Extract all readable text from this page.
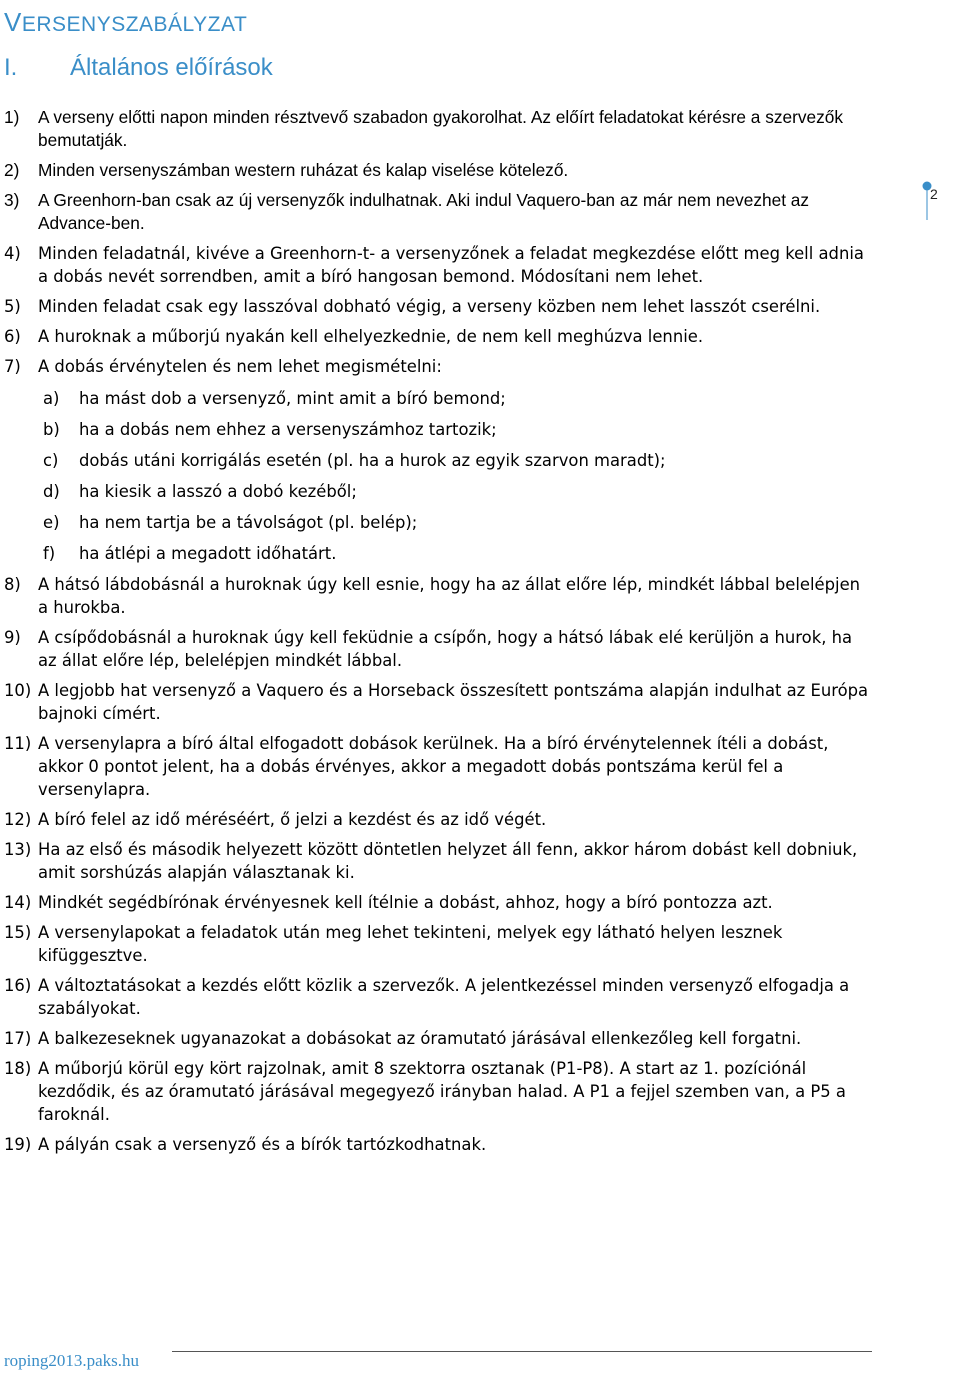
VERSENYSZABÁLYZAT
I. Általános előírások
2
1) A verseny előtti napon minden résztvevő szabadon gyakorolhat. Az előírt feladatokat kérésre a szervezők bemutatják.
2) Minden versenyszámban western ruházat és kalap viselése kötelező.
3) A Greenhorn-ban csak az új versenyzők indulhatnak. Aki indul Vaquero-ban az már nem nevezhet az Advance-ben.
4) Minden feladatnál, kivéve a Greenhorn-t- a versenyzőnek a feladat megkezdése előtt meg kell adnia a dobás nevét sorrendben, amit a bíró hangosan bemond. Módosítani nem lehet.
5) Minden feladat csak egy lasszóval dobható végig, a verseny közben nem lehet lasszót cserélni.
6) A huroknak a műborjú nyakán kell elhelyezkednie, de nem kell meghúzva lennie.
7) A dobás érvénytelen és nem lehet megismételni:
a) ha mást dob a versenyző, mint amit a bíró bemond;
b) ha a dobás nem ehhez a versenyszámhoz tartozik;
c) dobás utáni korrigálás esetén (pl. ha a hurok az egyik szarvon maradt);
d) ha kiesik a lasszó a dobó kezéből;
e) ha nem tartja be a távolságot (pl. belép);
f) ha átlépi a megadott időhatárt.
8) A hátsó lábdobásnál a huroknak úgy kell esnie, hogy ha az állat előre lép, mindkét lábbal belelépjen a hurokba.
9) A csípődobásnál a huroknak úgy kell feküdnie a csípőn, hogy a hátsó lábak elé kerüljön a hurok, ha az állat előre lép, belelépjen mindkét lábbal.
10) A legjobb hat versenyző a Vaquero és a Horseback összesített pontszáma alapján indulhat az Európa bajnoki címért.
11) A versenylapra a bíró által elfogadott dobások kerülnek. Ha a bíró érvénytelennek ítéli a dobást, akkor 0 pontot jelent, ha a dobás érvényes, akkor a megadott dobás pontszáma kerül fel a versenylapra.
12) A bíró felel az idő méréséért, ő jelzi a kezdést és az idő végét.
13) Ha az első és második helyezett között döntetlen helyzet áll fenn, akkor három dobást kell dobniuk, amit sorshúzás alapján választanak ki.
14) Mindkét segédbírónak érvényesnek kell ítélnie a dobást, ahhoz, hogy a bíró pontozza azt.
15) A versenylapokat a feladatok után meg lehet tekinteni, melyek egy látható helyen lesznek kifüggesztve.
16) A változtatásokat a kezdés előtt közlik a szervezők. A jelentkezéssel minden versenyző elfogadja a szabályokat.
17) A balkezeseknek ugyanazokat a dobásokat az óramutató járásával ellenkezőleg kell forgatni.
18) A műborjú körül egy kört rajzolnak, amit 8 szektorra osztanak (P1-P8). A start az 1. pozíciónál kezdődik, és az óramutató járásával megegyező irányban halad. A P1 a fejjel szemben van, a P5 a faroknál.
19) A pályán csak a versenyző és a bírók tartózkodhatnak.
roping2013.paks.hu
